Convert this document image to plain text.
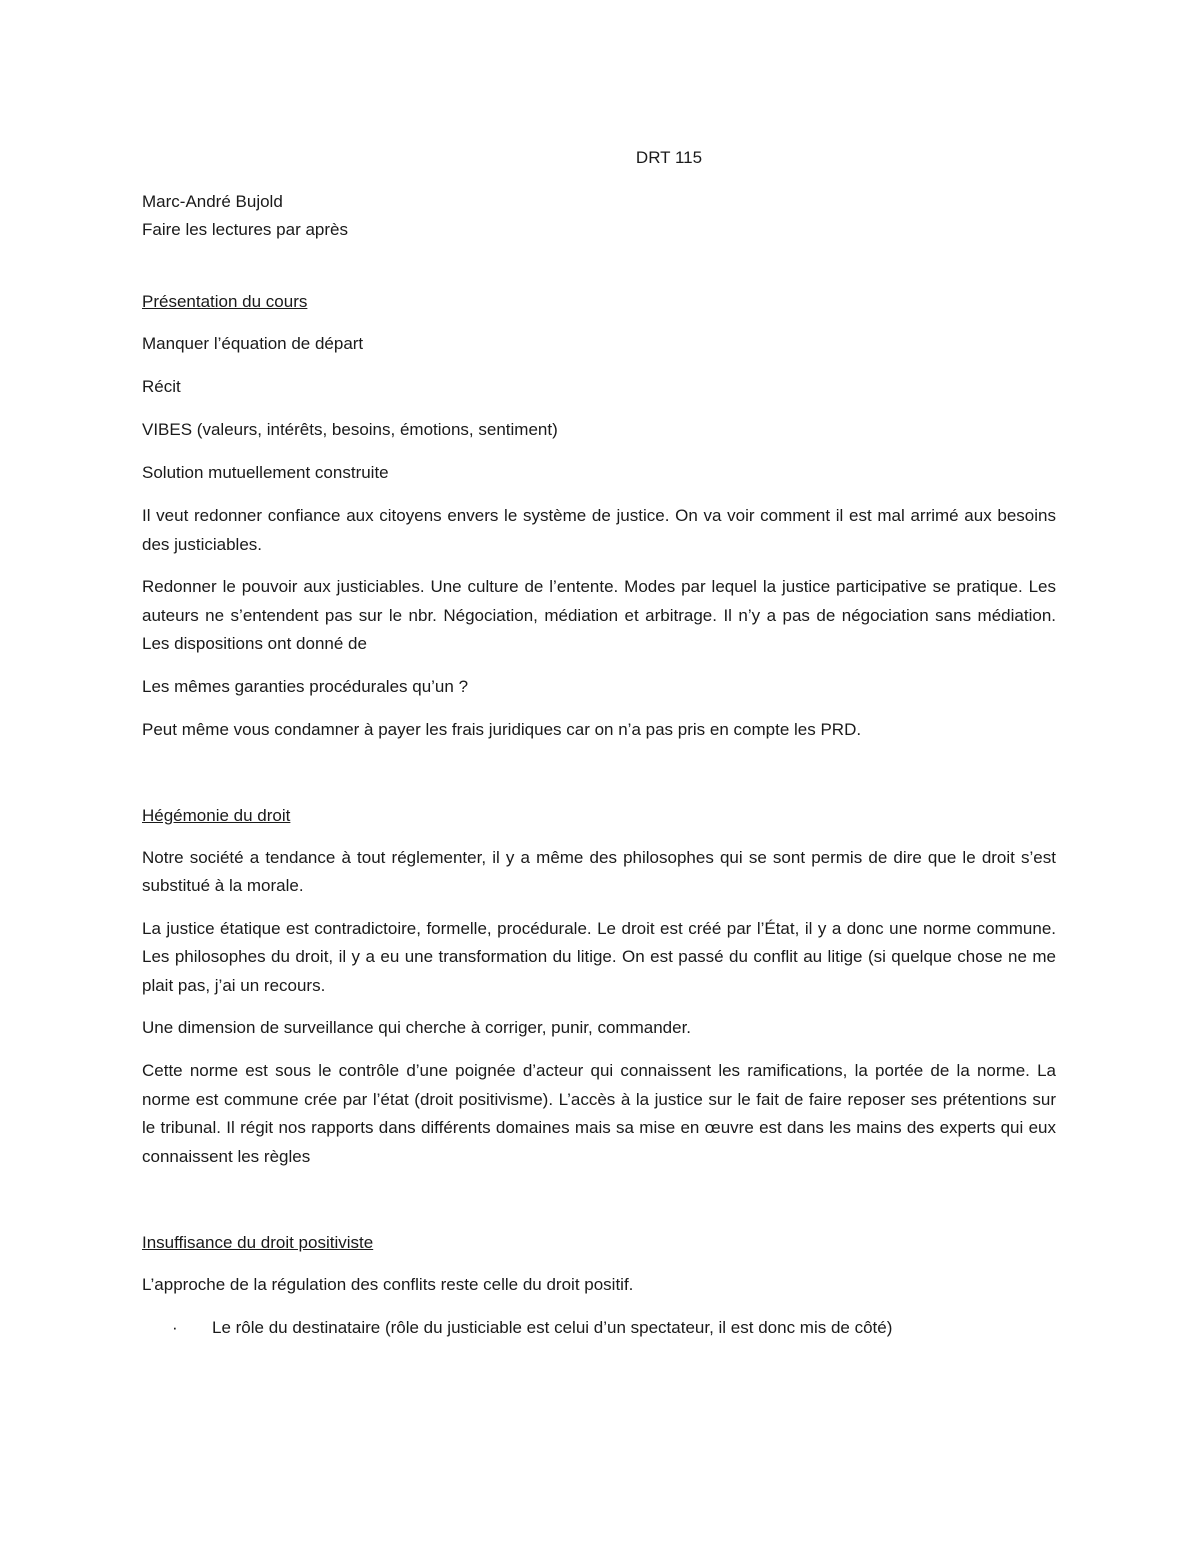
DRT 115

Marc-André Bujold

Faire les lectures par après

Présentation du cours

Manquer l’équation de départ

Récit

VIBES (valeurs, intérêts, besoins, émotions, sentiment)

Solution mutuellement construite

Il veut redonner confiance aux citoyens envers le système de justice. On va voir comment il est mal arrimé aux besoins des justiciables.

Redonner le pouvoir aux justiciables. Une culture de l’entente. Modes par lequel la justice participative se pratique. Les auteurs ne s’entendent pas sur le nbr. Négociation, médiation et arbitrage. Il n’y a pas de négociation sans médiation. Les dispositions ont donné de

Les mêmes garanties procédurales qu’un ?

Peut même vous condamner à payer les frais juridiques car on n’a pas pris en compte les PRD.

Hégémonie du droit

Notre société a tendance à tout réglementer, il y a même des philosophes qui se sont permis de dire que le droit s’est substitué à la morale.

La justice étatique est contradictoire, formelle, procédurale. Le droit est créé par l’État, il y a donc une norme commune. Les philosophes du droit, il y a eu une transformation du litige. On est passé du conflit au litige (si quelque chose ne me plait pas, j’ai un recours.

Une dimension de surveillance qui cherche à corriger, punir, commander.

Cette norme est sous le contrôle d’une poignée d’acteur qui connaissent les ramifications, la portée de la norme. La norme est commune crée par l’état (droit positivisme). L’accès à la justice sur le fait de faire reposer ses prétentions sur le tribunal. Il régit nos rapports dans différents domaines mais sa mise en œuvre est dans les mains des experts qui eux connaissent les règles

Insuffisance du droit positiviste

L’approche de la régulation des conflits reste celle du droit positif.

· Le rôle du destinataire (rôle du justiciable est celui d’un spectateur, il est donc mis de côté)
